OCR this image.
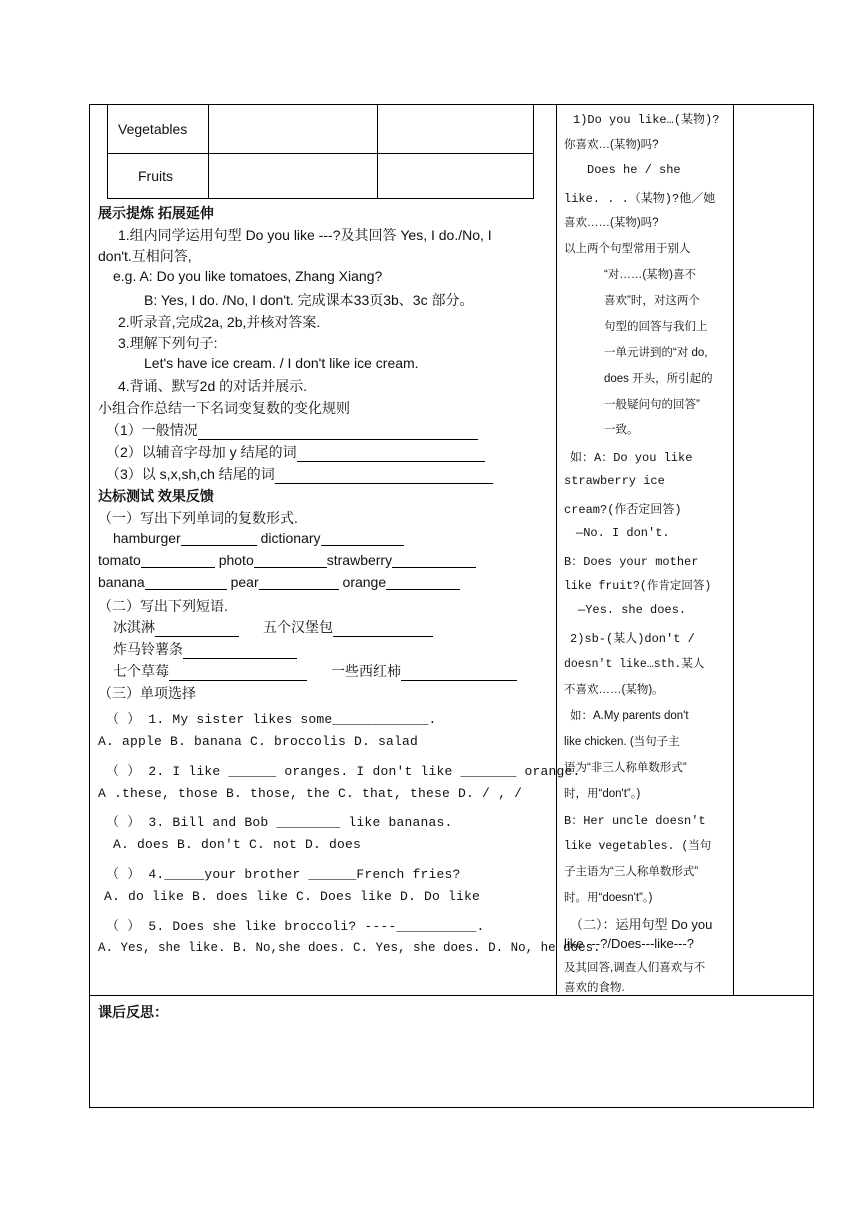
Vegetables
Fruits
展示提炼 拓展延伸
1.组内同学运用句型 Do you like ---?及其回答 Yes, I do./No, I
don't.互相问答,
e.g. A: Do you like tomatoes, Zhang Xiang?
B: Yes, I do. /No, I don't. 完成课本33页3b、3c 部分。
2.听录音,完成2a, 2b,并核对答案.
3.理解下列句子:
Let's have ice cream. / I don't like ice cream.
4.背诵、默写2d 的对话并展示.
小组合作总结一下名词变复数的变化规则
（1）一般情况
（2）以辅音字母加 y 结尾的词
（3）以 s,x,sh,ch 结尾的词
达标测试 效果反馈
（一）写出下列单词的复数形式.
hamburger	dictionary
tomato	photo	strawberry
banana	pear	orange
（二）写出下列短语.
冰淇淋	五个汉堡包
炸马铃薯条
七个草莓	一些西红柿
（三）单项选择
（ ） 1. My sister likes some____________.
A. apple B. banana C. broccolis D. salad
（ ） 2. I like ______ oranges. I don't like _______ orange.
A .these, those B. those, the C. that, these D. / , /
（ ） 3. Bill and Bob ________ like bananas.
A. does B. don't C. not D. does
（ ） 4._____your brother ______French fries?
A. do like B. does like C. Does like D. Do like
（ ） 5. Does she like broccoli? ----__________.
A. Yes, she like. B. No,she does. C. Yes, she does. D. No, he does.
课后反思：
1)Do you like…(某物)?
你喜欢…(某物)吗?
Does he / she
like. . .（某物)?他／她
喜欢……(某物)吗?
以上两个句型常用于别人
“对……(某物)喜不
喜欢”时，对这两个
句型的回答与我们上
一单元讲到的“对 do,
does 开头，所引起的
一般疑问句的回答”
一致。
如：A：Do you like
strawberry ice
cream?(作否定回答)
—No. I don't.
B：Does your mother
like fruit?(作肯定回答)
—Yes. she does.
2)sb-(某人)don't /
doesn't like…sth.某人
不喜欢……(某物)。
如：A.My parents don't
like chicken. (当句子主
语为“非三人称单数形式”
时，用“don't”。)
B：Her uncle doesn't
like vegetables. (当句
子主语为“三人称单数形式”
时。用“doesn't”。)
（二）：运用句型 Do you
like ---?/Does---like---?
及其回答,调查人们喜欢与不
喜欢的食物.
